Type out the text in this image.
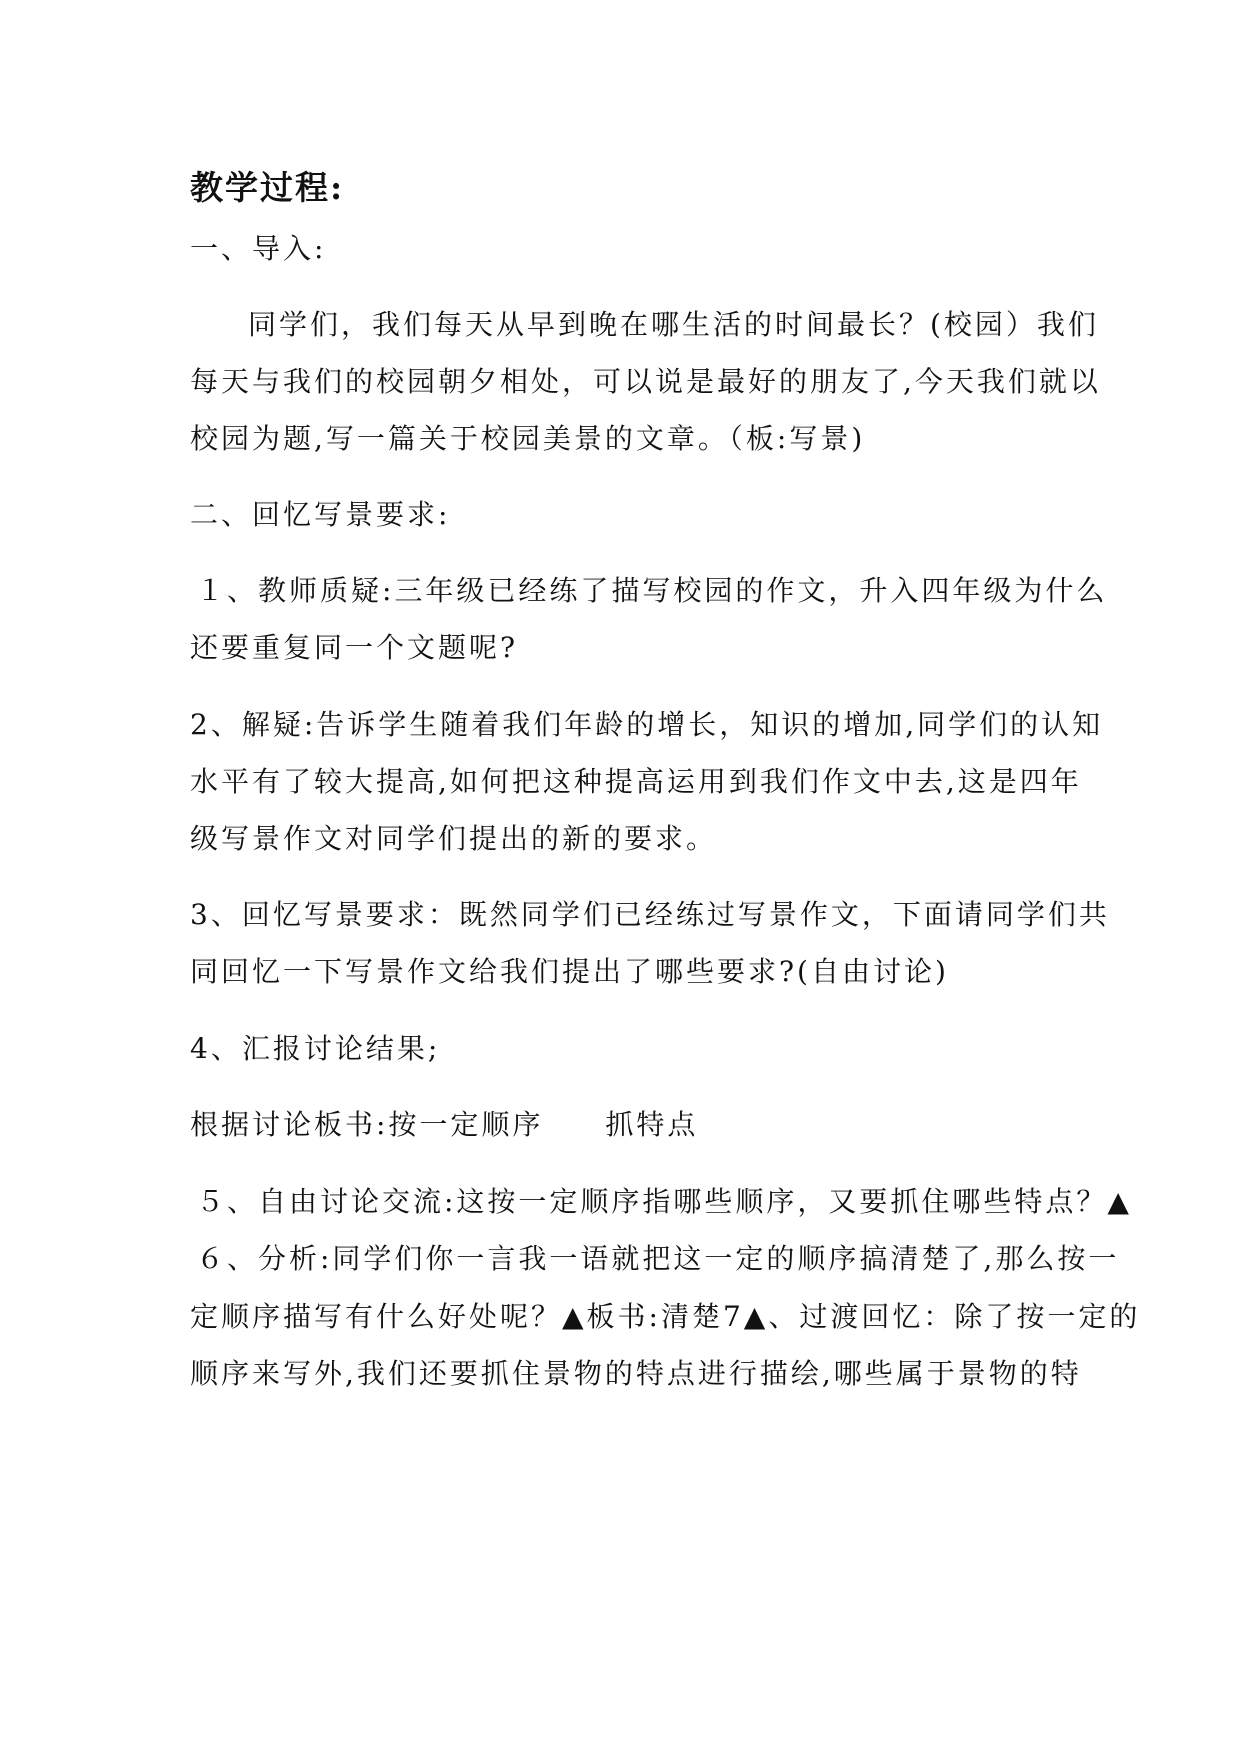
教学过程:
一、导入:
同学们，我们每天从早到晚在哪生活的时间最长？(校园）我们
每天与我们的校园朝夕相处，可以说是最好的朋友了,今天我们就以
校园为题,写一篇关于校园美景的文章。（板:写景)
二、回忆写景要求:
１、教师质疑:三年级已经练了描写校园的作文，升入四年级为什么
还要重复同一个文题呢?
2、解疑:告诉学生随着我们年龄的增长，知识的增加,同学们的认知
水平有了较大提高,如何把这种提高运用到我们作文中去,这是四年
级写景作文对同学们提出的新的要求。
3、回忆写景要求：既然同学们已经练过写景作文，下面请同学们共
同回忆一下写景作文给我们提出了哪些要求?(自由讨论)
4、汇报讨论结果;
根据讨论板书:按一定顺序　　抓特点
５、自由讨论交流:这按一定顺序指哪些顺序，又要抓住哪些特点？▲
６、分析:同学们你一言我一语就把这一定的顺序搞清楚了,那么按一
定顺序描写有什么好处呢？▲板书:清楚7▲、过渡回忆：除了按一定的
顺序来写外,我们还要抓住景物的特点进行描绘,哪些属于景物的特
